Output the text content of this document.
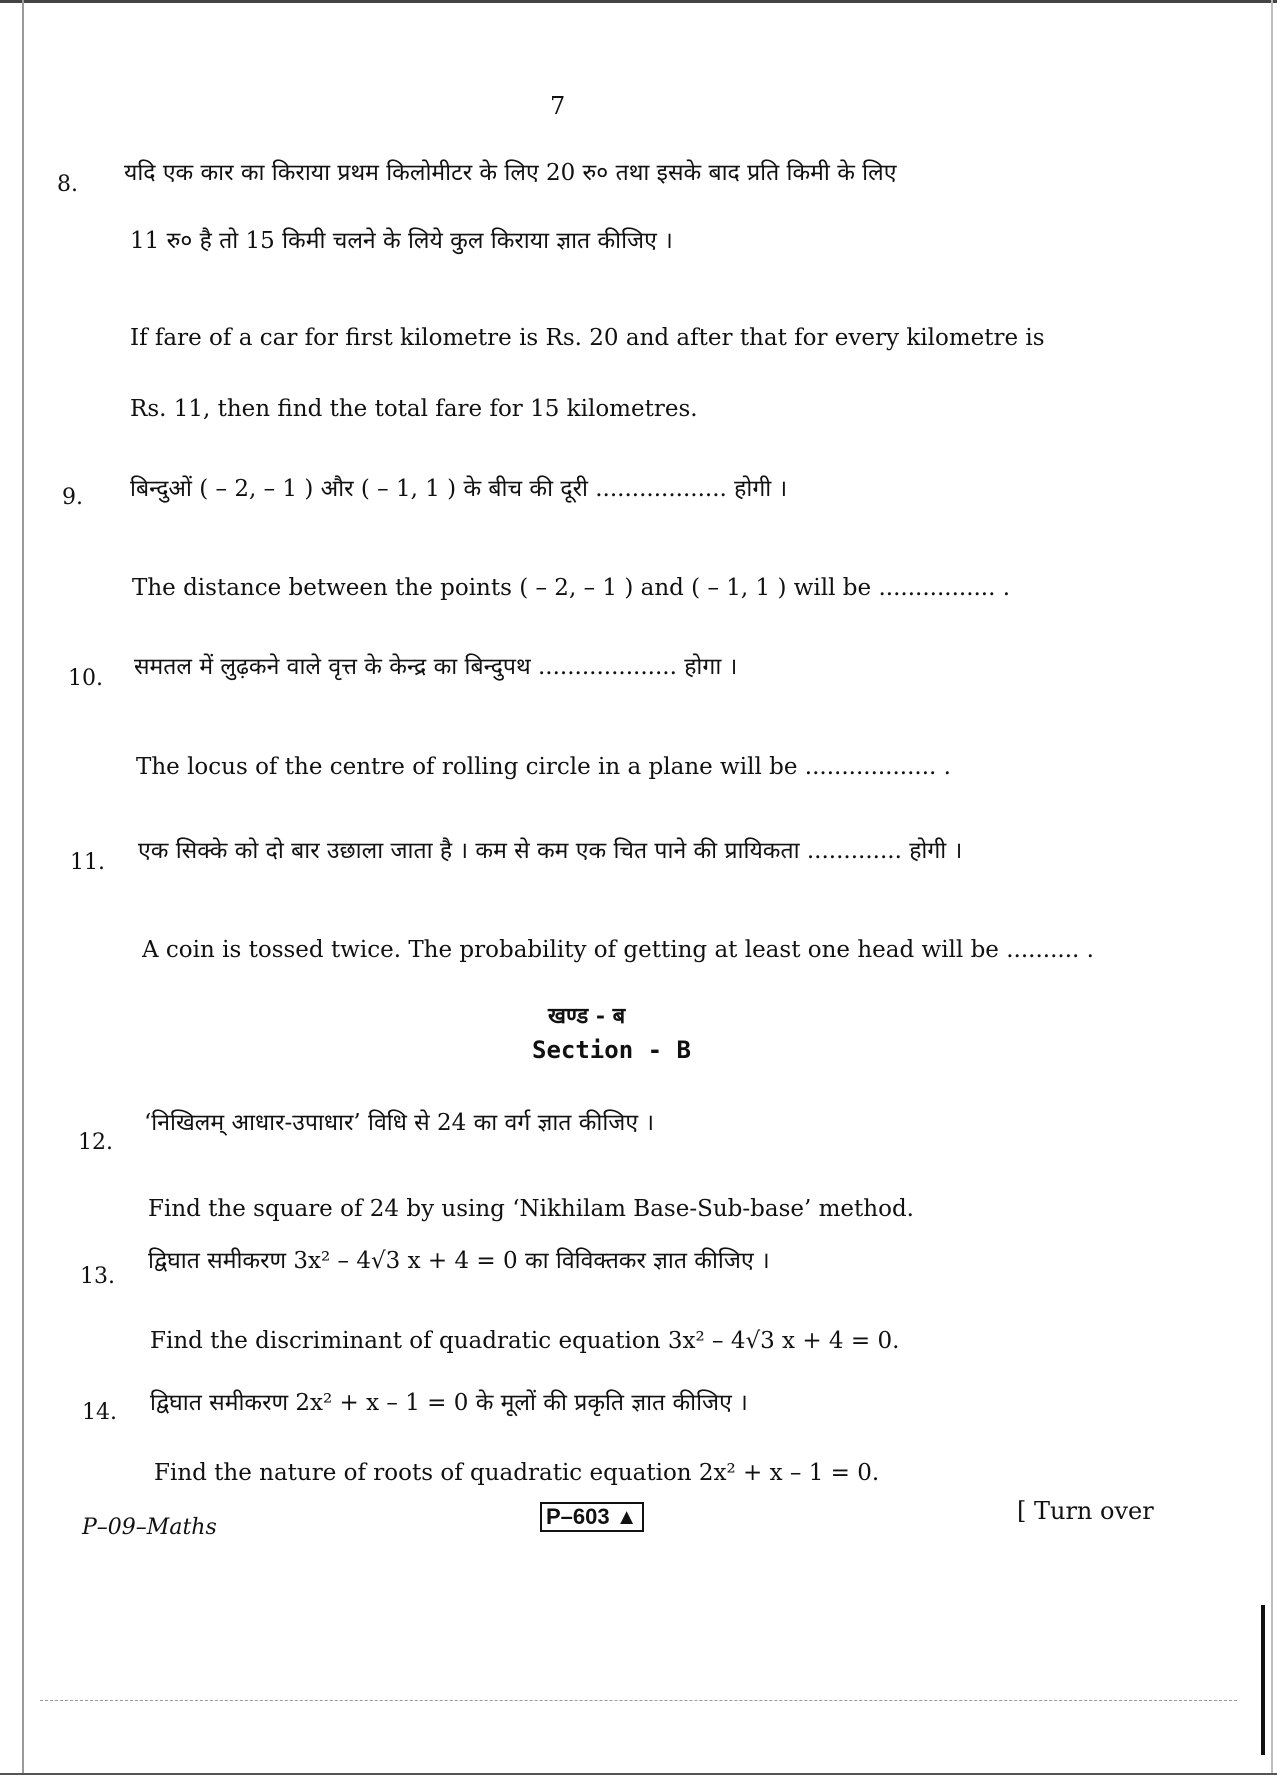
7
8. यदि एक कार का किराया प्रथम किलोमीटर के लिए 20 रु० तथा इसके बाद प्रति किमी के लिए
11 रु० है तो 15 किमी चलने के लिये कुल किराया ज्ञात कीजिए ।
If fare of a car for first kilometre is Rs. 20 and after that for every kilometre is
Rs. 11, then find the total fare for 15 kilometres.
9. बिन्दुओं ( – 2, – 1 ) और ( – 1, 1 ) के बीच की दूरी .................. होगी ।
The distance between the points ( – 2, – 1 ) and ( – 1, 1 ) will be ................ .
10. समतल में लुढ़कने वाले वृत्त के केन्द्र का बिन्दुपथ ................... होगा ।
The locus of the centre of rolling circle in a plane will be .................. .
11. एक सिक्के को दो बार उछाला जाता है । कम से कम एक चित पाने की प्रायिकता ............. होगी ।
A coin is tossed twice. The probability of getting at least one head will be .......... .
खण्ड - ब
Section - B
12.
‘निखिलम् आधार-उपाधार’ विधि से 24 का वर्ग ज्ञात कीजिए ।
Find the square of 24 by using ‘Nikhilam Base-Sub-base’ method.
13.
द्विघात समीकरण 3x² – 4√3 x + 4 = 0 का विविक्तकर ज्ञात कीजिए ।
Find the discriminant of quadratic equation 3x² – 4√3 x + 4 = 0.
14. द्विघात समीकरण 2x² + x – 1 = 0 के मूलों की प्रकृति ज्ञात कीजिए ।
Find the nature of roots of quadratic equation 2x² + x – 1 = 0.
P–09–Maths	P–603 ▲	[ Turn over
